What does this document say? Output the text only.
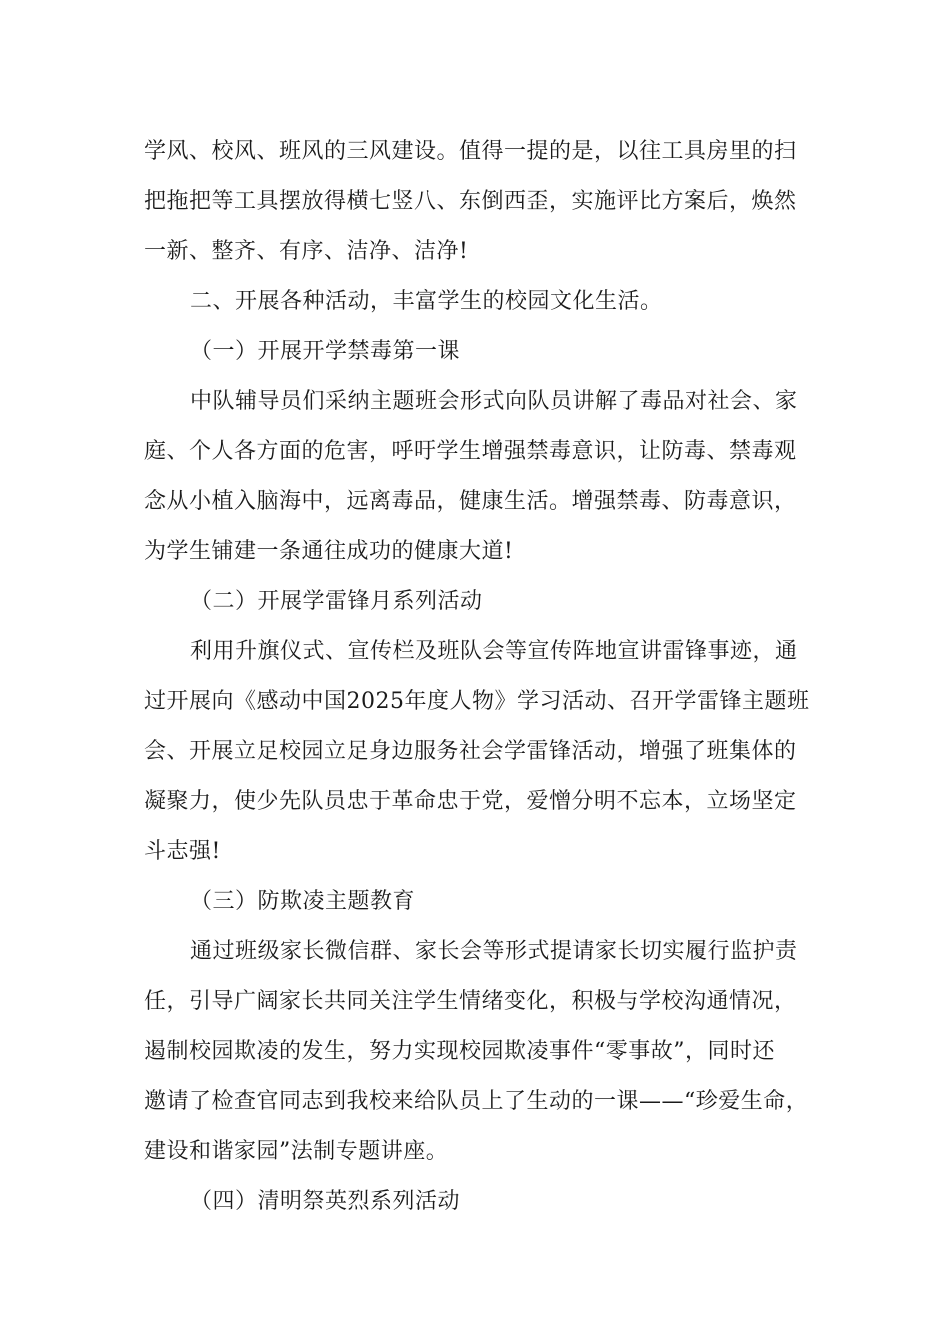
学风、校风、班风的三风建设。值得一提的是，以往工具房里的扫
把拖把等工具摆放得横七竖八、东倒西歪，实施评比方案后，焕然
一新、整齐、有序、洁净、洁净!
二、开展各种活动，丰富学生的校园文化生活。
（一）开展开学禁毒第一课
中队辅导员们采纳主题班会形式向队员讲解了毒品对社会、家
庭、个人各方面的危害，呼吁学生增强禁毒意识，让防毒、禁毒观
念从小植入脑海中，远离毒品，健康生活。增强禁毒、防毒意识，
为学生铺建一条通往成功的健康大道!
（二）开展学雷锋月系列活动
利用升旗仪式、宣传栏及班队会等宣传阵地宣讲雷锋事迹，通
过开展向《感动中国2025年度人物》学习活动、召开学雷锋主题班
会、开展立足校园立足身边服务社会学雷锋活动，增强了班集体的
凝聚力，使少先队员忠于革命忠于党，爱憎分明不忘本，立场坚定
斗志强!
（三）防欺凌主题教育
通过班级家长微信群、家长会等形式提请家长切实履行监护责
任，引导广阔家长共同关注学生情绪变化，积极与学校沟通情况，
遏制校园欺凌的发生，努力实现校园欺凌事件“零事故”，同时还
邀请了检查官同志到我校来给队员上了生动的一课——“珍爱生命，
建设和谐家园”法制专题讲座。
（四）清明祭英烈系列活动
